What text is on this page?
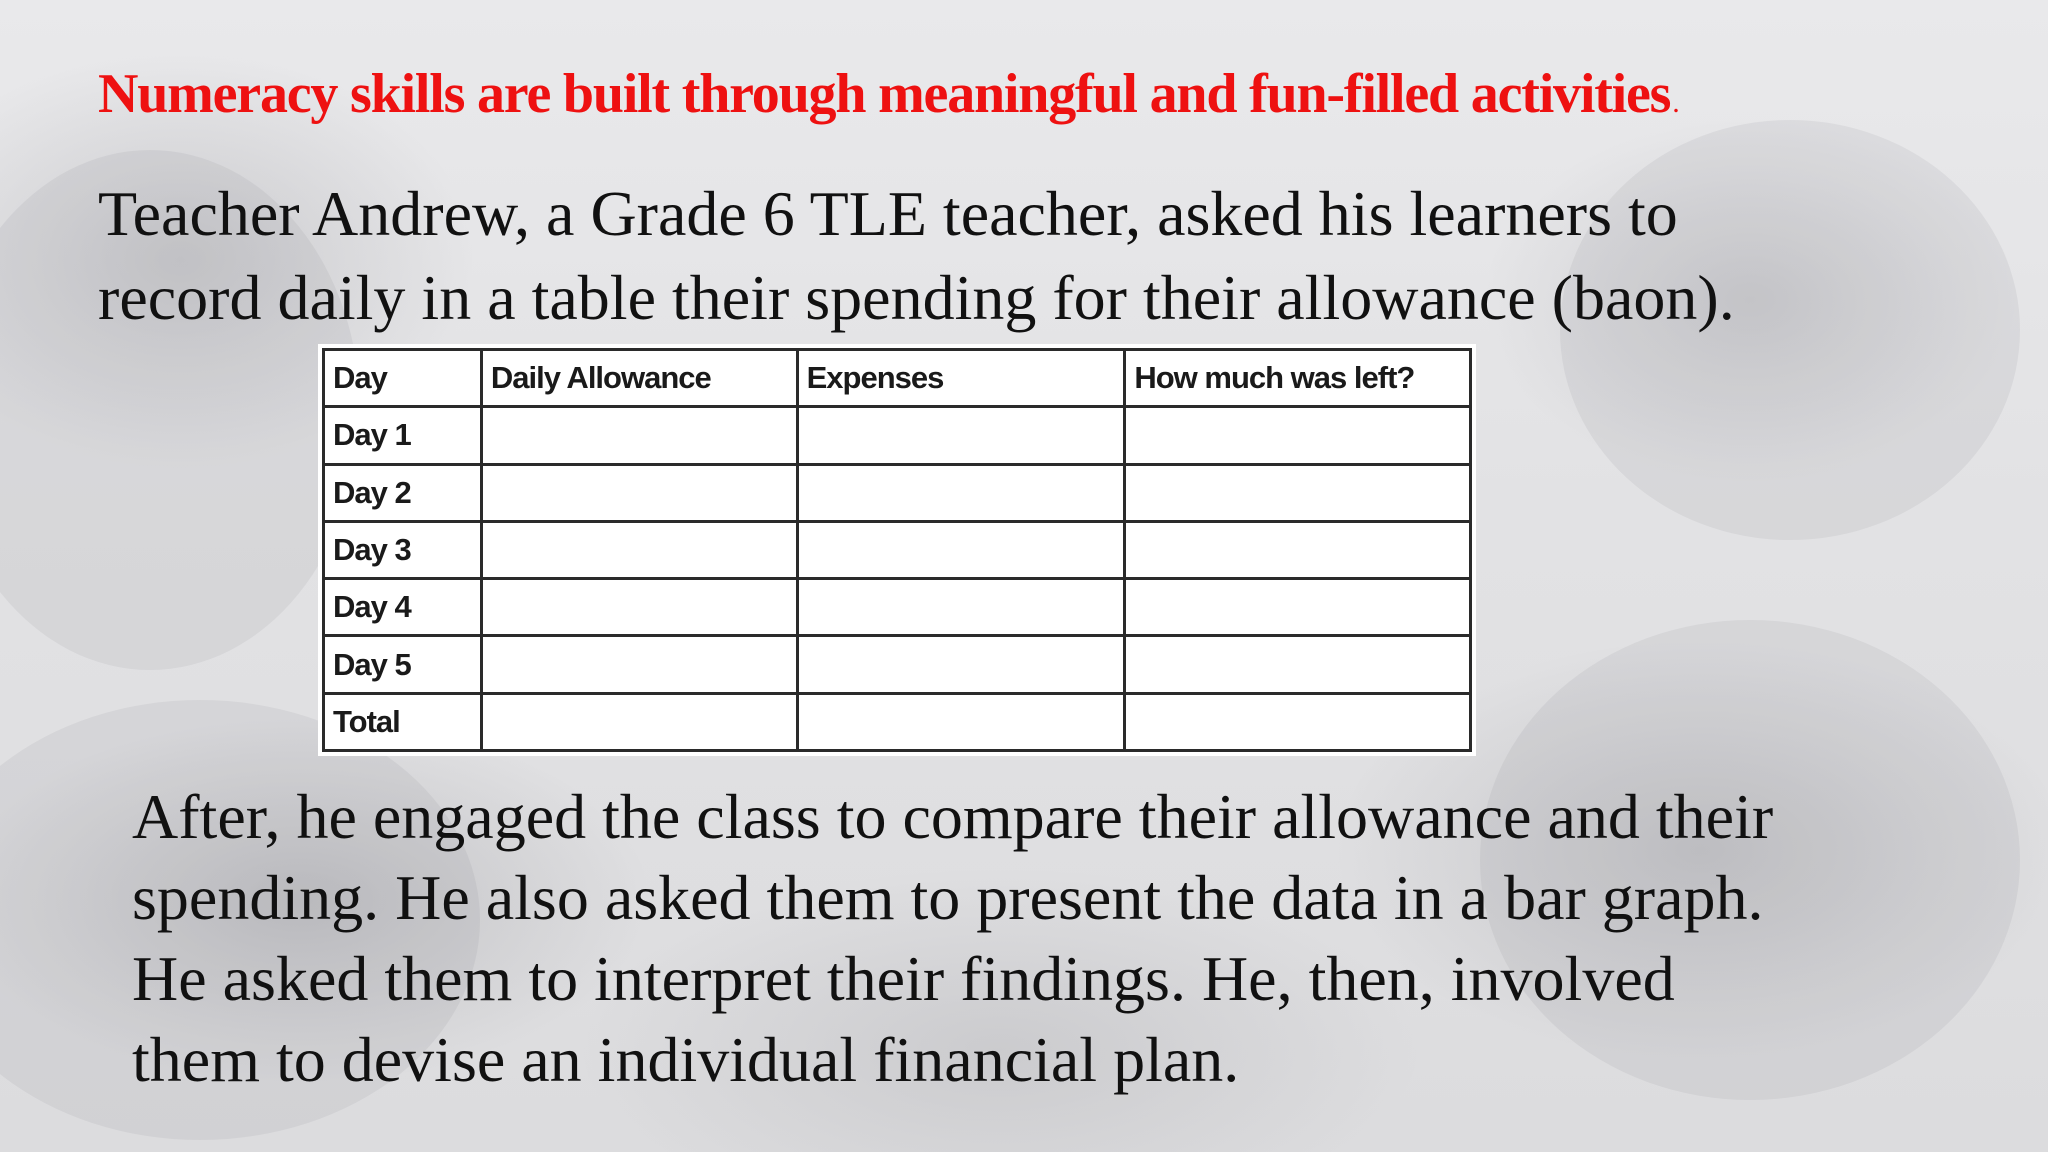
Numeracy skills are built through meaningful and fun-filled activities.

Teacher Andrew, a Grade 6 TLE teacher, asked his learners to
record daily in a table their spending for their allowance (baon).

Day	Daily Allowance	Expenses	How much was left?
Day 1			
Day 2			
Day 3			
Day 4			
Day 5			
Total			

After, he engaged the class to compare their allowance and their
spending. He also asked them to present the data in a bar graph.
He asked them to interpret their findings. He, then, involved
them to devise an individual financial plan.
